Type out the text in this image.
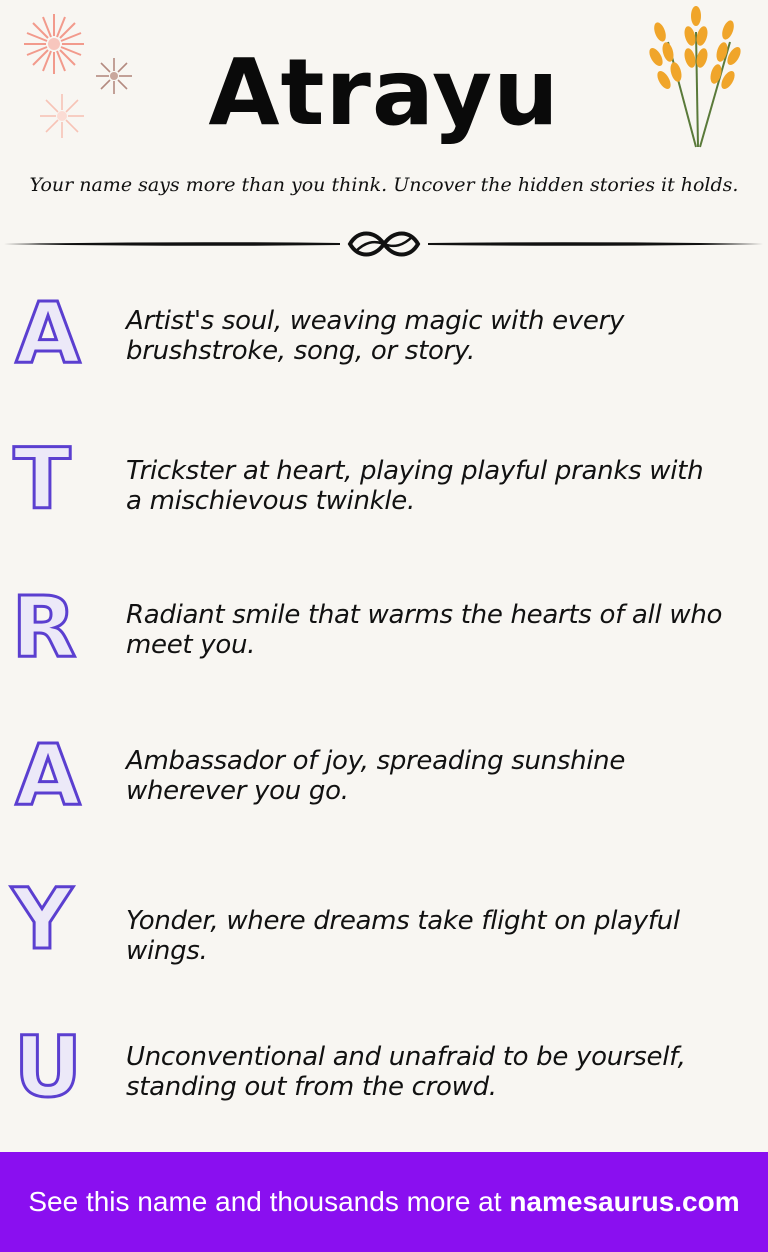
Atrayu
Your name says more than you think. Uncover the hidden stories it holds.
A Artist's soul, weaving magic with every brushstroke, song, or story.
T Trickster at heart, playing playful pranks with a mischievous twinkle.
R Radiant smile that warms the hearts of all who meet you.
A Ambassador of joy, spreading sunshine wherever you go.
Y Yonder, where dreams take flight on playful wings.
U Unconventional and unafraid to be yourself, standing out from the crowd.
See this name and thousands more at namesaurus.com
